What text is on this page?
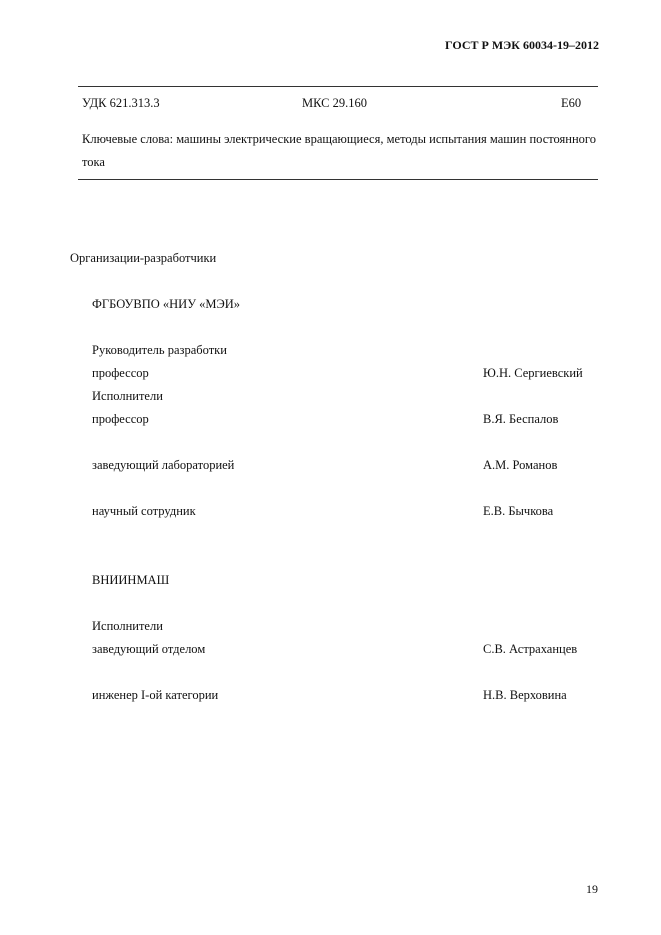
ГОСТ Р МЭК 60034-19–2012
УДК 621.313.3	МКС 29.160	Е60
Ключевые слова: машины электрические вращающиеся, методы испытания машин постоянного тока
Организации-разработчики
ФГБОУВПО «НИУ «МЭИ»
Руководитель разработки
профессор	Ю.Н. Сергиевский
Исполнители
профессор	В.Я. Беспалов
заведующий лабораторией	А.М. Романов
научный сотрудник	Е.В. Бычкова
ВНИИНМАШ
Исполнители
заведующий отделом	С.В. Астраханцев
инженер I-ой категории	Н.В. Верховина
19
